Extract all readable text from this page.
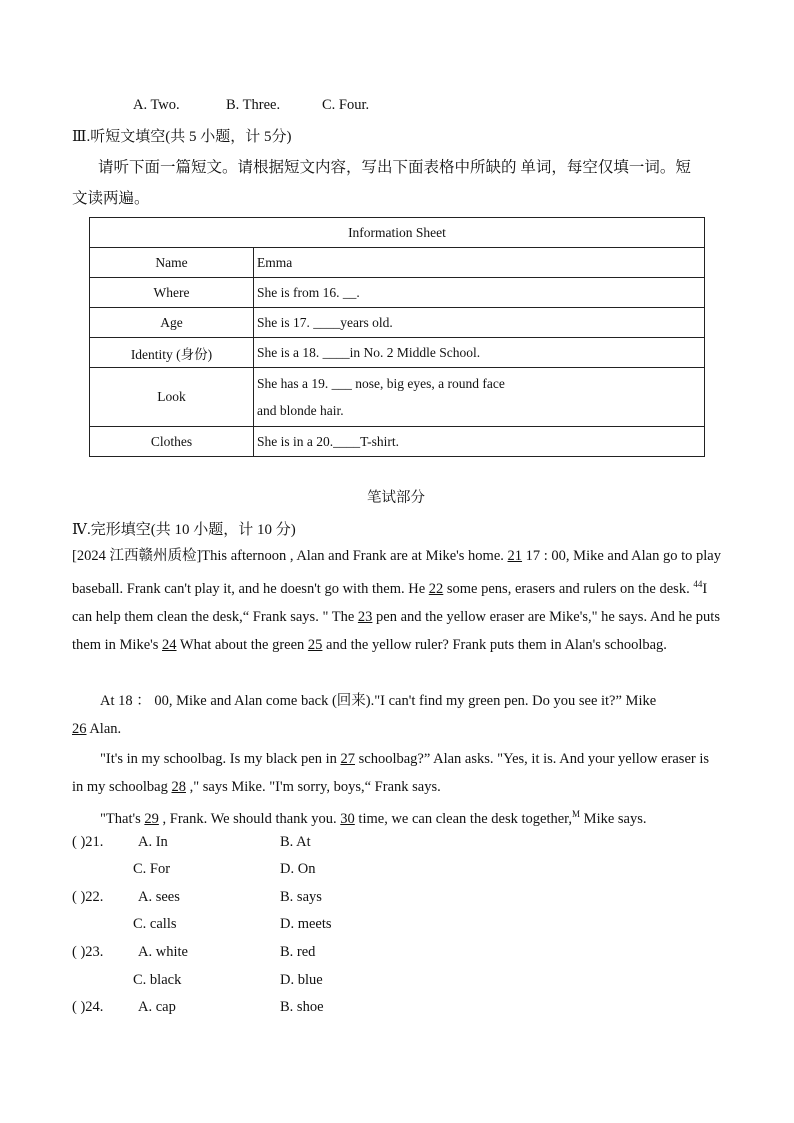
A. Two.	B. Three.	C. Four.
Ⅲ.听短文填空(共 5 小题，计 5分)
请听下面一篇短文。请根据短文内容，写出下面表格中所缺的 单词，每空仅填一词。短
文读两遍。
Information Sheet	
Name	Emma
Where	She is from 16. __.
Age	She is 17. ____years old.
Identity (身份)	She is a 18. ____in No. 2 Middle School.
Look	She has a 19. ___ nose, big eyes, a round face
and blonde hair.

Clothes	She is in a 20.____T-shirt.
笔试部分
Ⅳ.完形填空(共 10 小题，计 10 分)
[2024 江西赣州质检]This afternoon , Alan and Frank are at Mike's home. 21 17 : 00, Mike and Alan go to play baseball. Frank can't play it, and he doesn't go with them. He 22 some pens, erasers and rulers on the desk. $^{44}$I can help them clean the desk,“ Frank says. " The 23 pen and the yellow eraser are Mike's," he says. And he puts them in Mike's 24 What about the green 25 and the yellow ruler? Frank puts them in Alan's schoolbag.
At 18 ： 00, Mike and Alan come back (回来)."I can't find my green pen. Do you see it?” Mike
26 Alan.
"It's in my schoolbag. Is my black pen in 27 schoolbag?” Alan asks. "Yes, it is. And your yellow eraser is in my schoolbag 28 ," says Mike. "I'm sorry, boys,“ Frank says.
"That's 29 , Frank. We should thank you. 30 time, we can clean the desk together,$^M$ Mike says.
( )21. A. In	B. At
C. For	D. On
( )22. A. sees	B. says
C. calls	D. meets
( )23. A. white	B. red
C. black	D. blue
( )24. A. cap	B. shoe
